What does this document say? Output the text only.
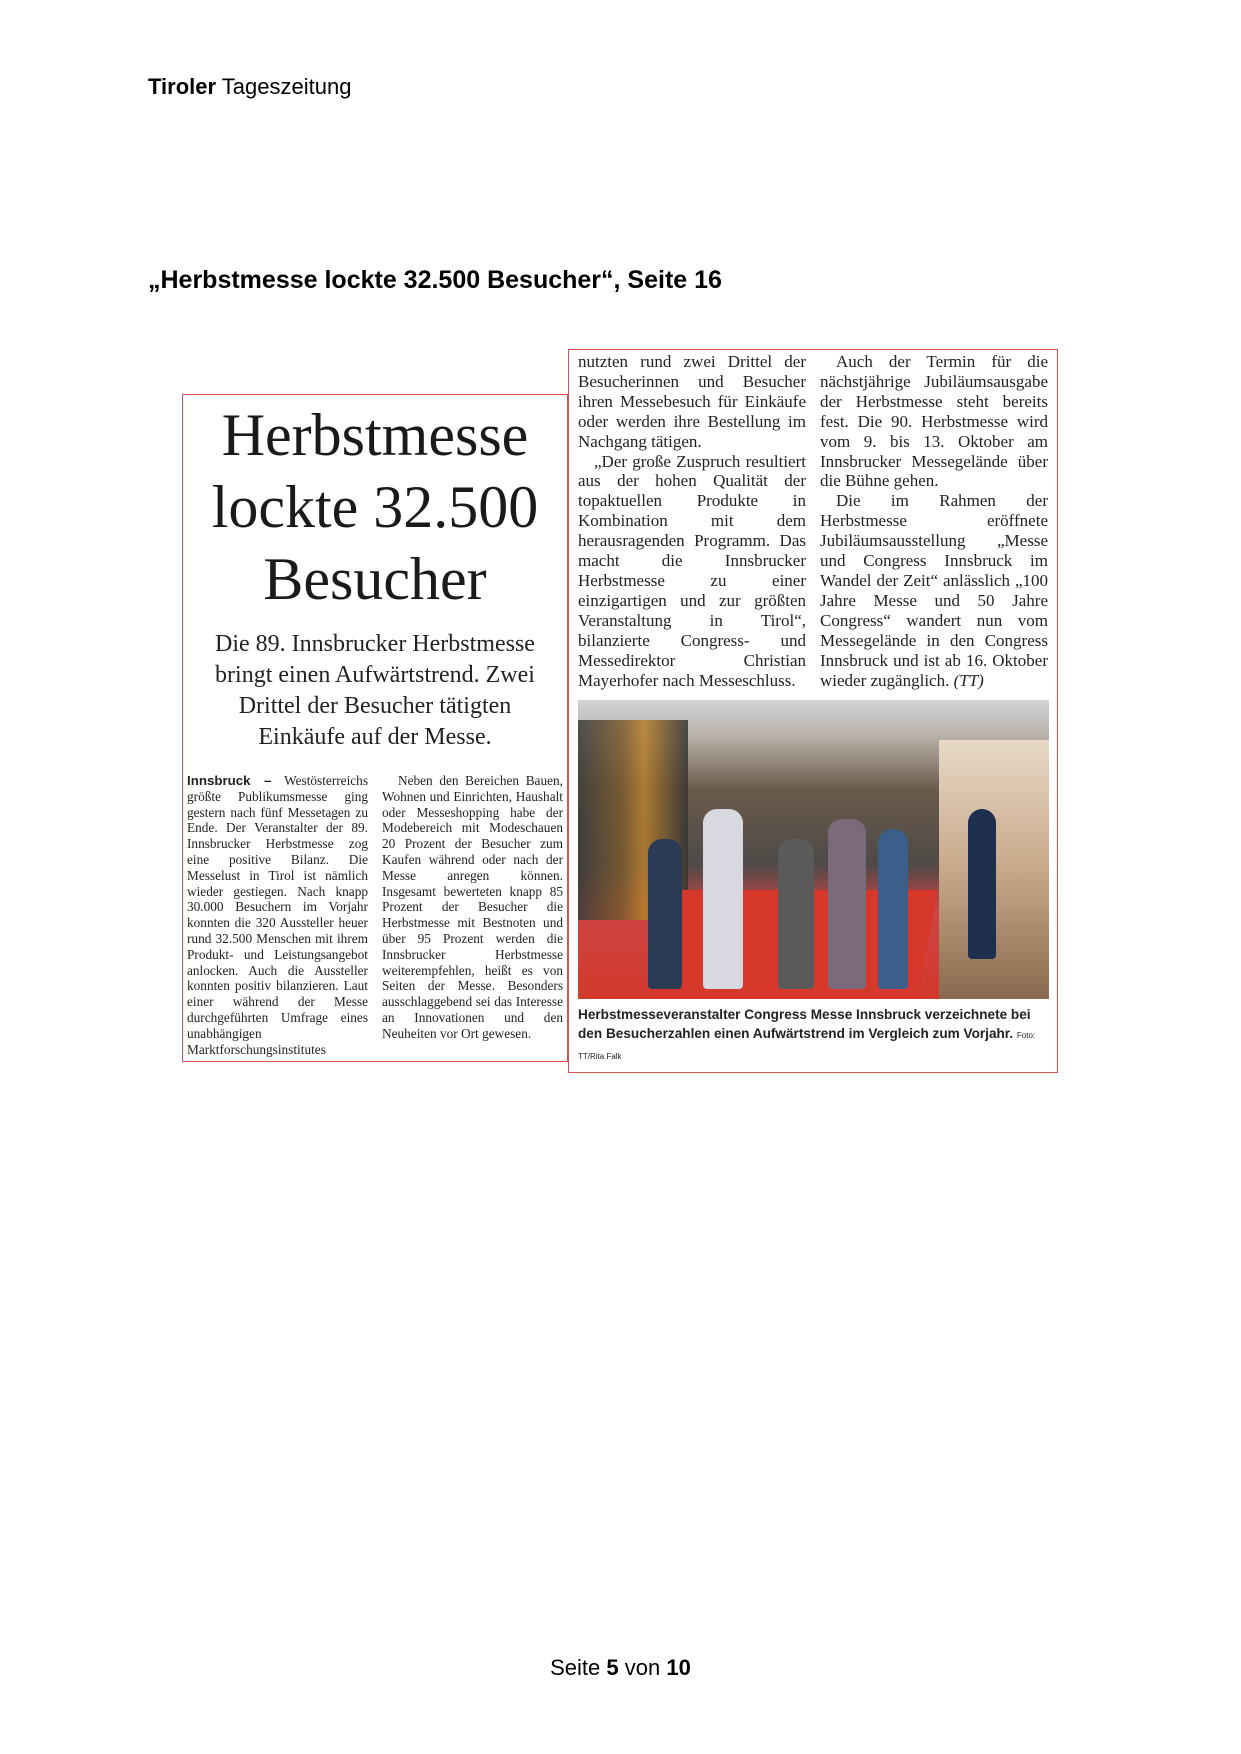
Tiroler Tageszeitung
„Herbstmesse lockte 32.500 Besucher“, Seite 16
Herbstmesse
lockte 32.500
Besucher
Die 89. Innsbrucker Herbstmesse bringt einen Aufwärtstrend. Zwei Drittel der Besucher tätigten Einkäufe auf der Messe.

Innsbruck – Westösterreichs größte Publikumsmesse ging gestern nach fünf Messetagen zu Ende. Der Veranstalter der 89. Innsbrucker Herbstmesse zog eine positive Bilanz. Die Messelust in Tirol ist nämlich wieder gestiegen. Nach knapp 30.000 Besuchern im Vorjahr konnten die 320 Aussteller heuer rund 32.500 Menschen mit ihrem Produkt- und Leistungsangebot anlocken. Auch die Aussteller konnten positiv bilanzieren. Laut einer während der Messe durchgeführten Umfrage eines unabhängigen Marktforschungsinstitutes

Neben den Bereichen Bauen, Wohnen und Einrichten, Haushalt oder Messeshopping habe der Modebereich mit Modeschauen 20 Prozent der Besucher zum Kaufen während oder nach der Messe anregen können. Insgesamt bewerteten knapp 85 Prozent der Besucher die Herbstmesse mit Bestnoten und über 95 Prozent werden die Innsbrucker Herbstmesse weiterempfehlen, heißt es von Seiten der Messe. Besonders ausschlaggebend sei das Interesse an Innovationen und den Neuheiten vor Ort gewesen.

nutzten rund zwei Drittel der Besucherinnen und Besucher ihren Messebesuch für Einkäufe oder werden ihre Bestellung im Nachgang tätigen.

„Der große Zuspruch resultiert aus der hohen Qualität der topaktuellen Produkte in Kombination mit dem herausragenden Programm. Das macht die Innsbrucker Herbstmesse zu einer einzigartigen und zur größten Veranstaltung in Tirol“, bilanzierte Congress- und Messedirektor Christian Mayerhofer nach Messeschluss.

Auch der Termin für die nächstjährige Jubiläumsausgabe der Herbstmesse steht bereits fest. Die 90. Herbstmesse wird vom 9. bis 13. Oktober am Innsbrucker Messegelände über die Bühne gehen.

Die im Rahmen der Herbstmesse eröffnete Jubiläumsausstellung „Messe und Congress Innsbruck im Wandel der Zeit“ anlässlich „100 Jahre Messe und 50 Jahre Congress“ wandert nun vom Messegelände in den Congress Innsbruck und ist ab 16. Oktober wieder zugänglich. (TT)

Herbstmesseveranstalter Congress Messe Innsbruck verzeichnete bei den Besucherzahlen einen Aufwärtstrend im Vergleich zum Vorjahr. Foto: TT/Rita Falk
Seite 5 von 10
